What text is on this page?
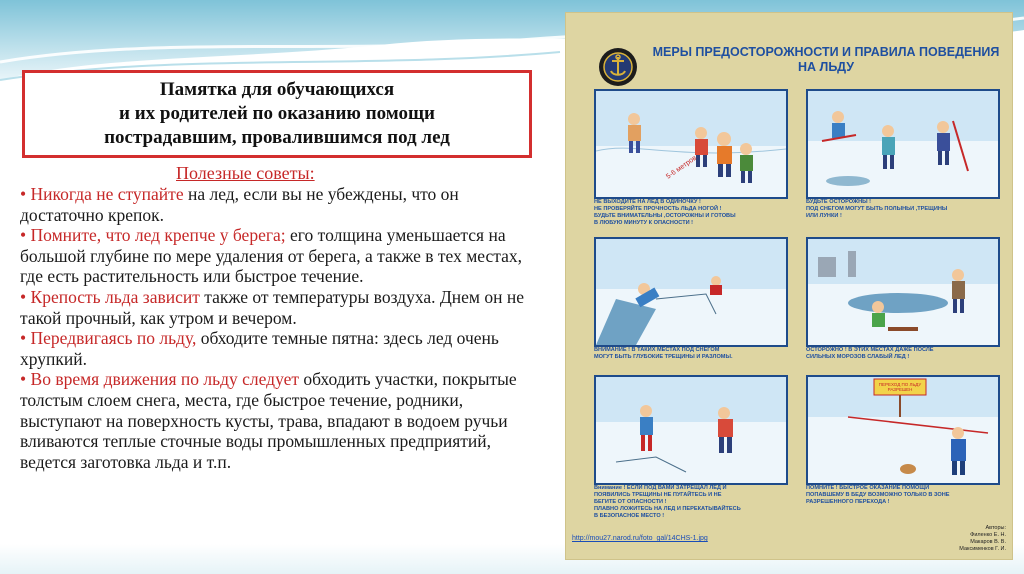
Памятка для обучающихся
и их родителей по оказанию помощи
пострадавшим, провалившимся под лед
Полезные советы:
• Никогда не ступайте на лед, если вы не убеждены, что он достаточно крепок.
• Помните, что лед крепче у берега; его толщина уменьшается на большой глубине по мере удаления от берега, а также в тех местах, где есть растительность или быстрое течение.
• Крепость льда зависит также от температуры воздуха. Днем он не такой прочный, как утром и вечером.
• Передвигаясь по льду, обходите темные пятна: здесь лед очень хрупкий.
• Во время движения по льду следует обходить участки, покрытые толстым слоем снега, места, где быстрое течение, родники, выступают на поверхность кусты, трава, впадают в водоем ручьи вливаются теплые сточные воды промышленных предприятий, ведется заготовка льда и т.п.
МЕРЫ ПРЕДОСТОРОЖНОСТИ И ПРАВИЛА ПОВЕДЕНИЯ НА ЛЬДУ
5-6 метров
НЕ ВЫХОДИТЕ НА ЛЕД В ОДИНОЧКУ !
НЕ ПРОВЕРЯЙТЕ ПРОЧНОСТЬ ЛЬДА НОГОЙ !
БУДЬТЕ ВНИМАТЕЛЬНЫ ,ОСТОРОЖНЫ И ГОТОВЫ
В ЛЮБУЮ МИНУТУ К ОПАСНОСТИ !
БУДЬТЕ ОСТОРОЖНЫ !
ПОД СНЕГОМ МОГУТ БЫТЬ ПОЛЫНЬИ ,ТРЕЩИНЫ
ИЛИ ЛУНКИ !
ВНИМАНИЕ ! В ТАКИХ МЕСТАХ ПОД СНЕГОМ
МОГУТ БЫТЬ ГЛУБОКИЕ ТРЕЩИНЫ И РАЗЛОМЫ.
ОСТОРОЖНО ! В ЭТИХ МЕСТАХ ДАЖЕ ПОСЛЕ
СИЛЬНЫХ МОРОЗОВ СЛАБЫЙ ЛЕД !
ПЕРЕХОД ПО ЛЬДУ РАЗРЕШЕН
Внимание ! ЕСЛИ ПОД ВАМИ ЗАТРЕЩАЛ ЛЕД И
ПОЯВИЛИСЬ ТРЕЩИНЫ НЕ ПУГАЙТЕСЬ И НЕ
БЕГИТЕ ОТ ОПАСНОСТИ !
ПЛАВНО ЛОЖИТЕСЬ НА ЛЕД И ПЕРЕКАТЫВАЙТЕСЬ
В БЕЗОПАСНОЕ МЕСТО !
ПОМНИТЕ ! БЫСТРОЕ ОКАЗАНИЕ ПОМОЩИ
ПОПАВШЕМУ В БЕДУ ВОЗМОЖНО ТОЛЬКО В ЗОНЕ
РАЗРЕШЕННОГО ПЕРЕХОДА !
Авторы:
Филенко Е. Н.
Макаров В. В.
Максименков Г. И.
http://mou27.narod.ru/foto_gal/14CHS-1.jpg
